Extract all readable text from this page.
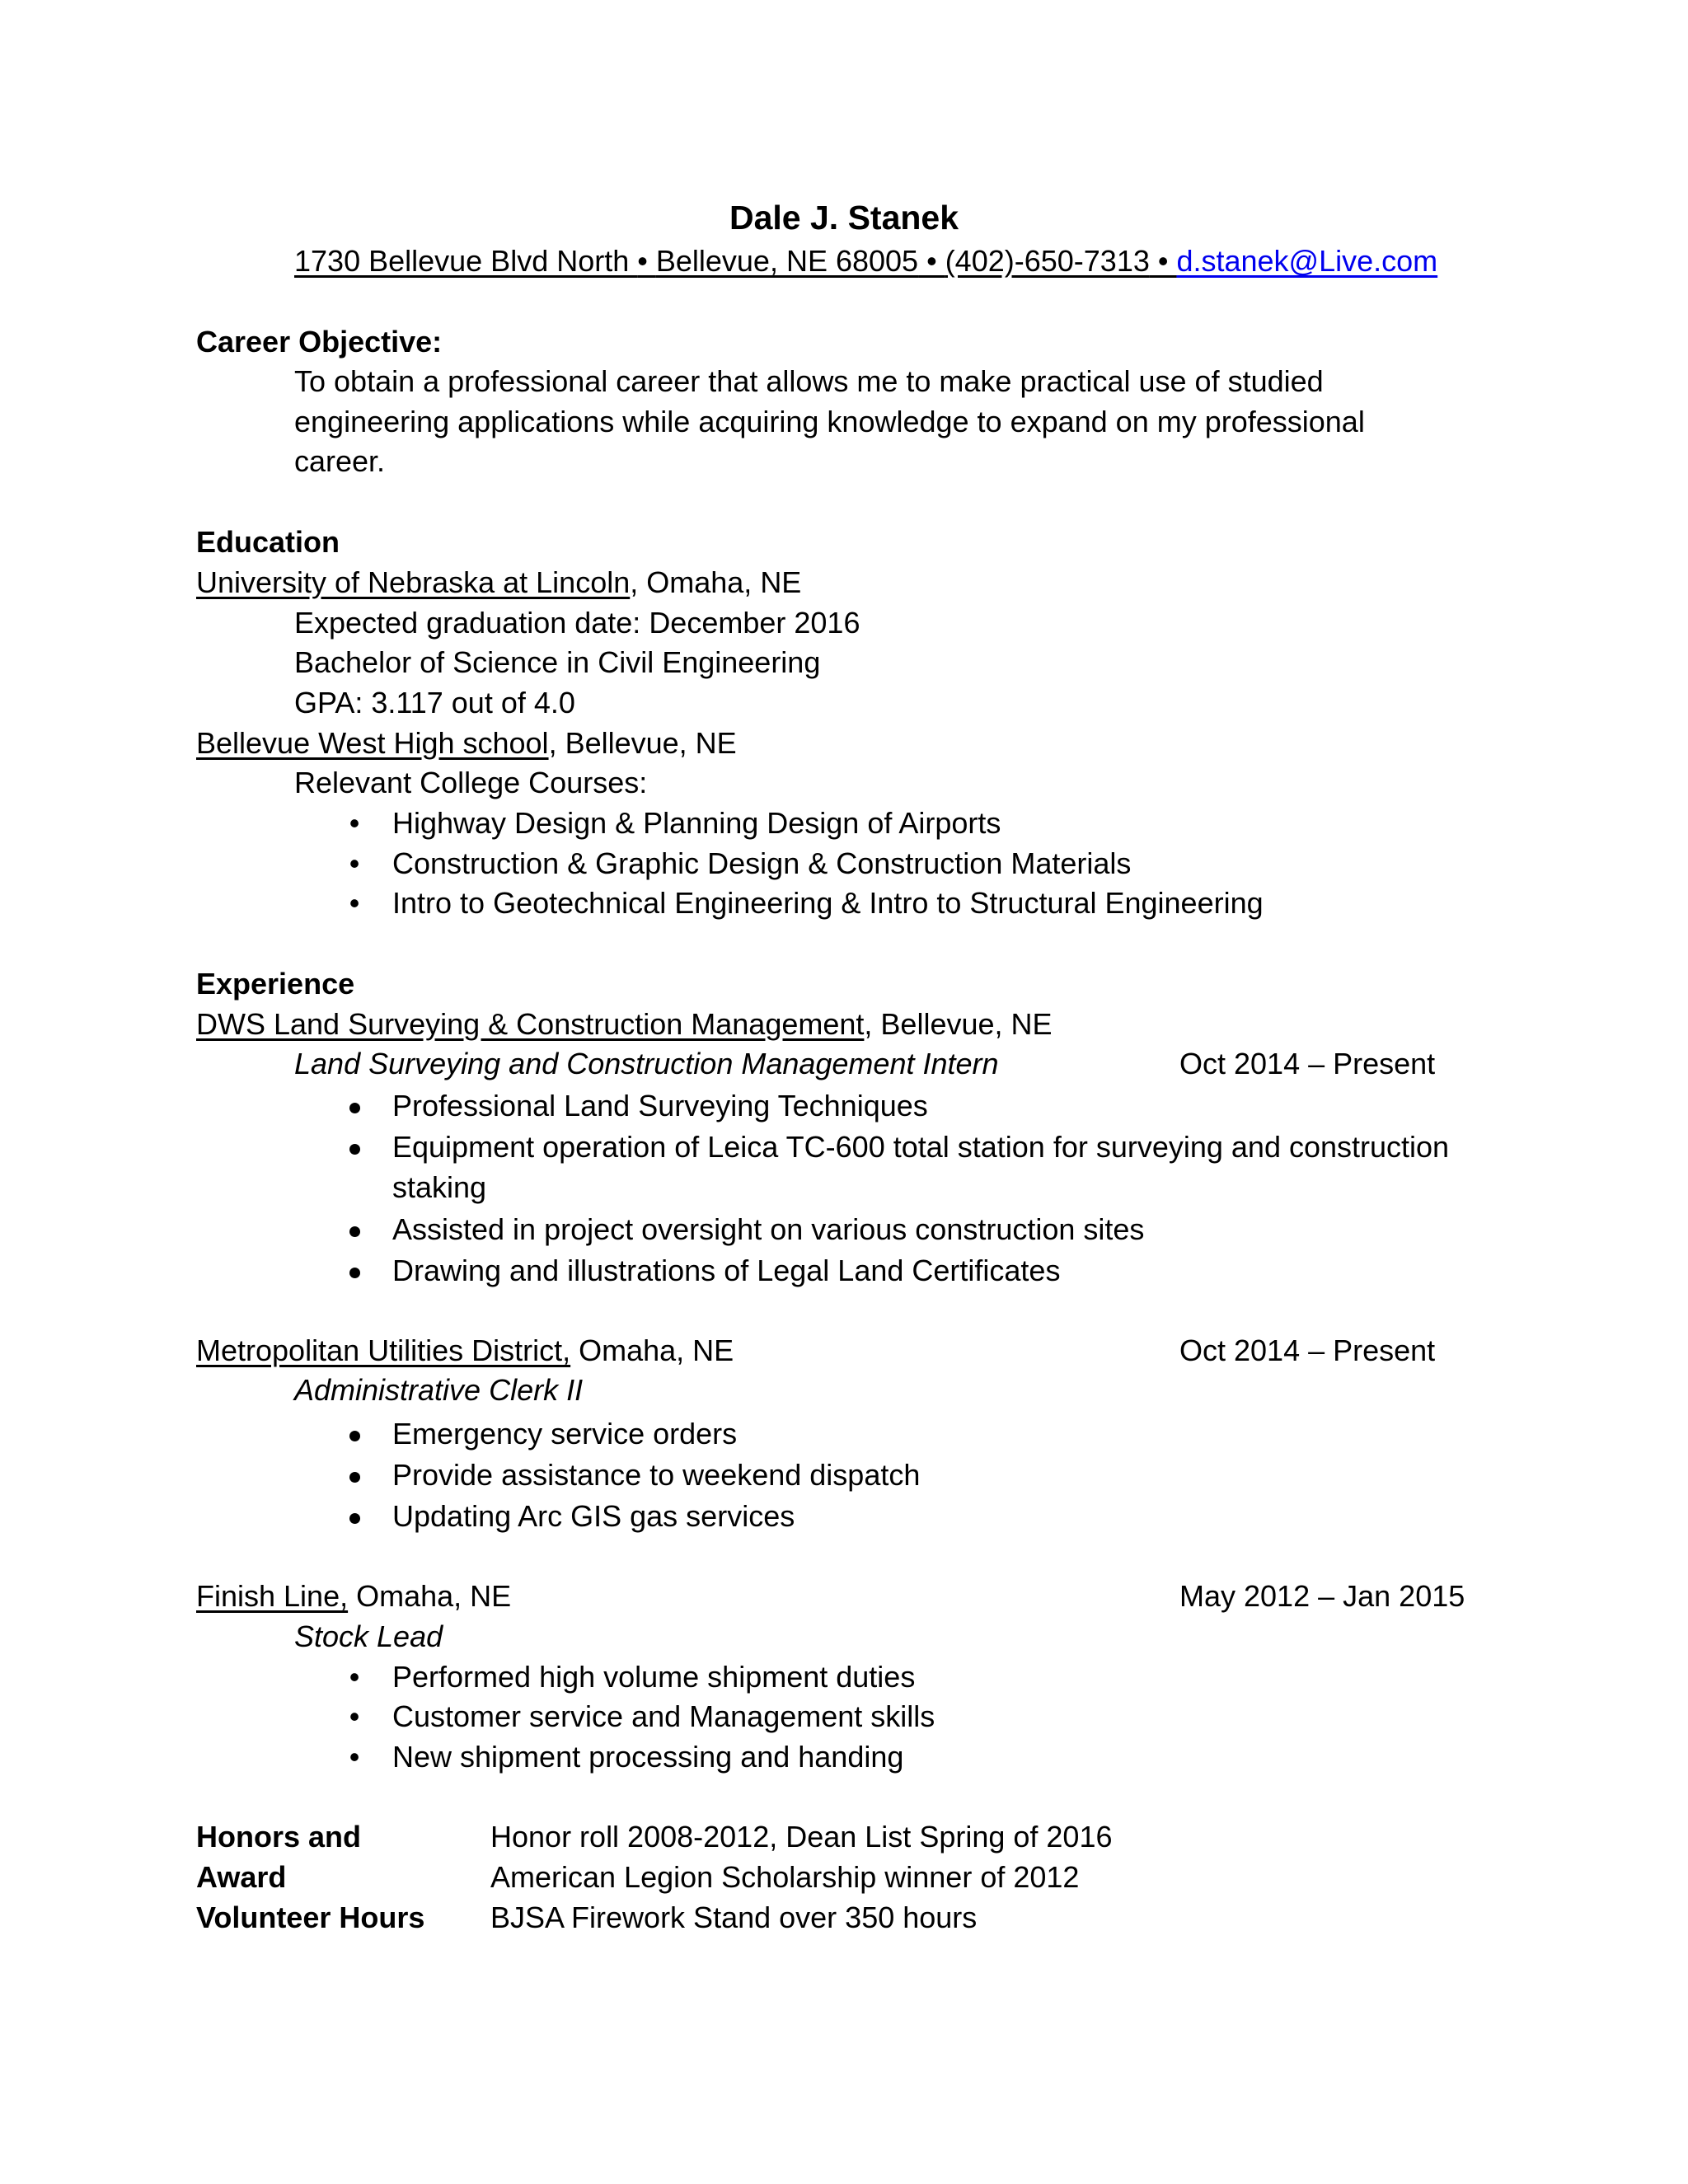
Dale J. Stanek
1730 Bellevue Blvd North • Bellevue, NE 68005 • (402)-650-7313 • d.stanek@Live.com
Career Objective:
To obtain a professional career that allows me to make practical use of studied
engineering applications while acquiring knowledge to expand on my professional
career.
Education
University of Nebraska at Lincoln, Omaha, NE
Expected graduation date: December 2016
Bachelor of Science in Civil Engineering
GPA: 3.117 out of 4.0
Bellevue West High school, Bellevue, NE
Relevant College Courses:
• Highway Design & Planning Design of Airports
• Construction & Graphic Design & Construction Materials
• Intro to Geotechnical Engineering & Intro to Structural Engineering
Experience
DWS Land Surveying & Construction Management, Bellevue, NE
Land Surveying and Construction Management Intern	Oct 2014 – Present
Professional Land Surveying Techniques
Equipment operation of Leica TC-600 total station for surveying and construction
staking
Assisted in project oversight on various construction sites
Drawing and illustrations of Legal Land Certificates
Metropolitan Utilities District, Omaha, NE	Oct 2014 – Present
Administrative Clerk II
Emergency service orders
Provide assistance to weekend dispatch
Updating Arc GIS gas services
Finish Line, Omaha, NE	May 2012 – Jan 2015
Stock Lead
• Performed high volume shipment duties
• Customer service and Management skills
• New shipment processing and handing
Honors and	Honor roll 2008-2012, Dean List Spring of 2016
Award	American Legion Scholarship winner of 2012
Volunteer Hours BJSA Firework Stand over 350 hours
